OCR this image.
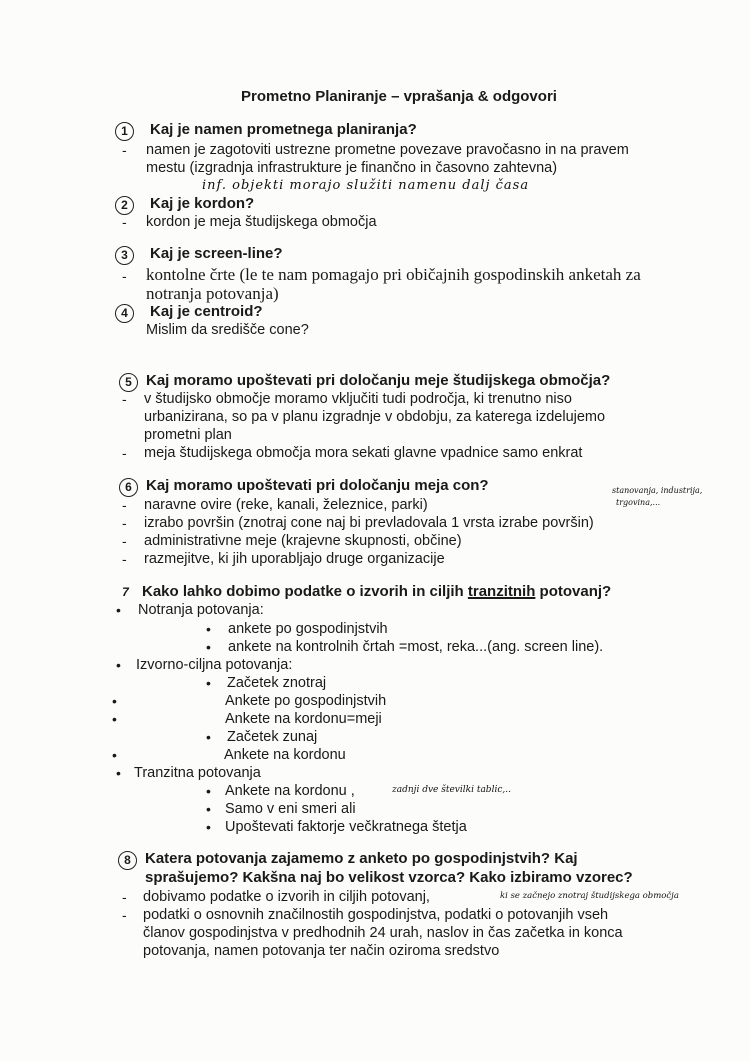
Prometno Planiranje – vprašanja & odgovori
1	Kaj je namen prometnega planiranja?
- namen je zagotoviti ustrezne prometne povezave pravočasno in na pravem
mestu (izgradnja infrastrukture je finančno in časovno zahtevna)
inf. objekti morajo služiti namenu dalj časa
2	Kaj je kordon?
- kordon je meja študijskega območja
3	Kaj je screen-line?
- kontolne črte (le te nam pomagajo pri običajnih gospodinskih anketah za
notranja potovanja)
4	Kaj je centroid?
Mislim da središče cone?
5 Kaj moramo upoštevati pri določanju meje študijskega območja?
- v študijsko območje moramo vključiti tudi področja, ki trenutno niso
urbanizirana, so pa v planu izgradnje v obdobju, za katerega izdelujemo
prometni plan
- meja študijskega območja mora sekati glavne vpadnice samo enkrat
6 Kaj moramo upoštevati pri določanju meja con?
- naravne ovire (reke, kanali, železnice, parki)
- izrabo površin (znotraj cone naj bi prevladovala 1 vrsta izrabe površin)
- administrativne meje (krajevne skupnosti, občine)
- razmejitve, ki jih uporabljajo druge organizacije
stanovanja, industrija,
trgovina,...
7 Kako lahko dobimo podatke o izvorih in ciljih tranzitnih potovanj?
• Notranja potovanja:
• ankete po gospodinjstvih
• ankete na kontrolnih črtah =most, reka...(ang. screen line).
• Izvorno-ciljna potovanja:
• Začetek znotraj
•	Ankete po gospodinjstvih
•	Ankete na kordonu=meji
• Začetek zunaj
•	Ankete na kordonu
• Tranzitna potovanja
• Ankete na kordonu ,	zadnji dve številki tablic,..
• Samo v eni smeri ali
• Upoštevati faktorje večkratnega štetja
8 Katera potovanja zajamemo z anketo po gospodinjstvih? Kaj
sprašujemo? Kakšna naj bo velikost vzorca? Kako izbiramo vzorec?
- dobivamo podatke o izvorih in ciljih potovanj,	ki se začnejo znotraj študijskega območja
- podatki o osnovnih značilnostih gospodinjstva, podatki o potovanjih vseh
članov gospodinjstva v predhodnih 24 urah, naslov in čas začetka in konca
potovanja, namen potovanja ter način oziroma sredstvo
